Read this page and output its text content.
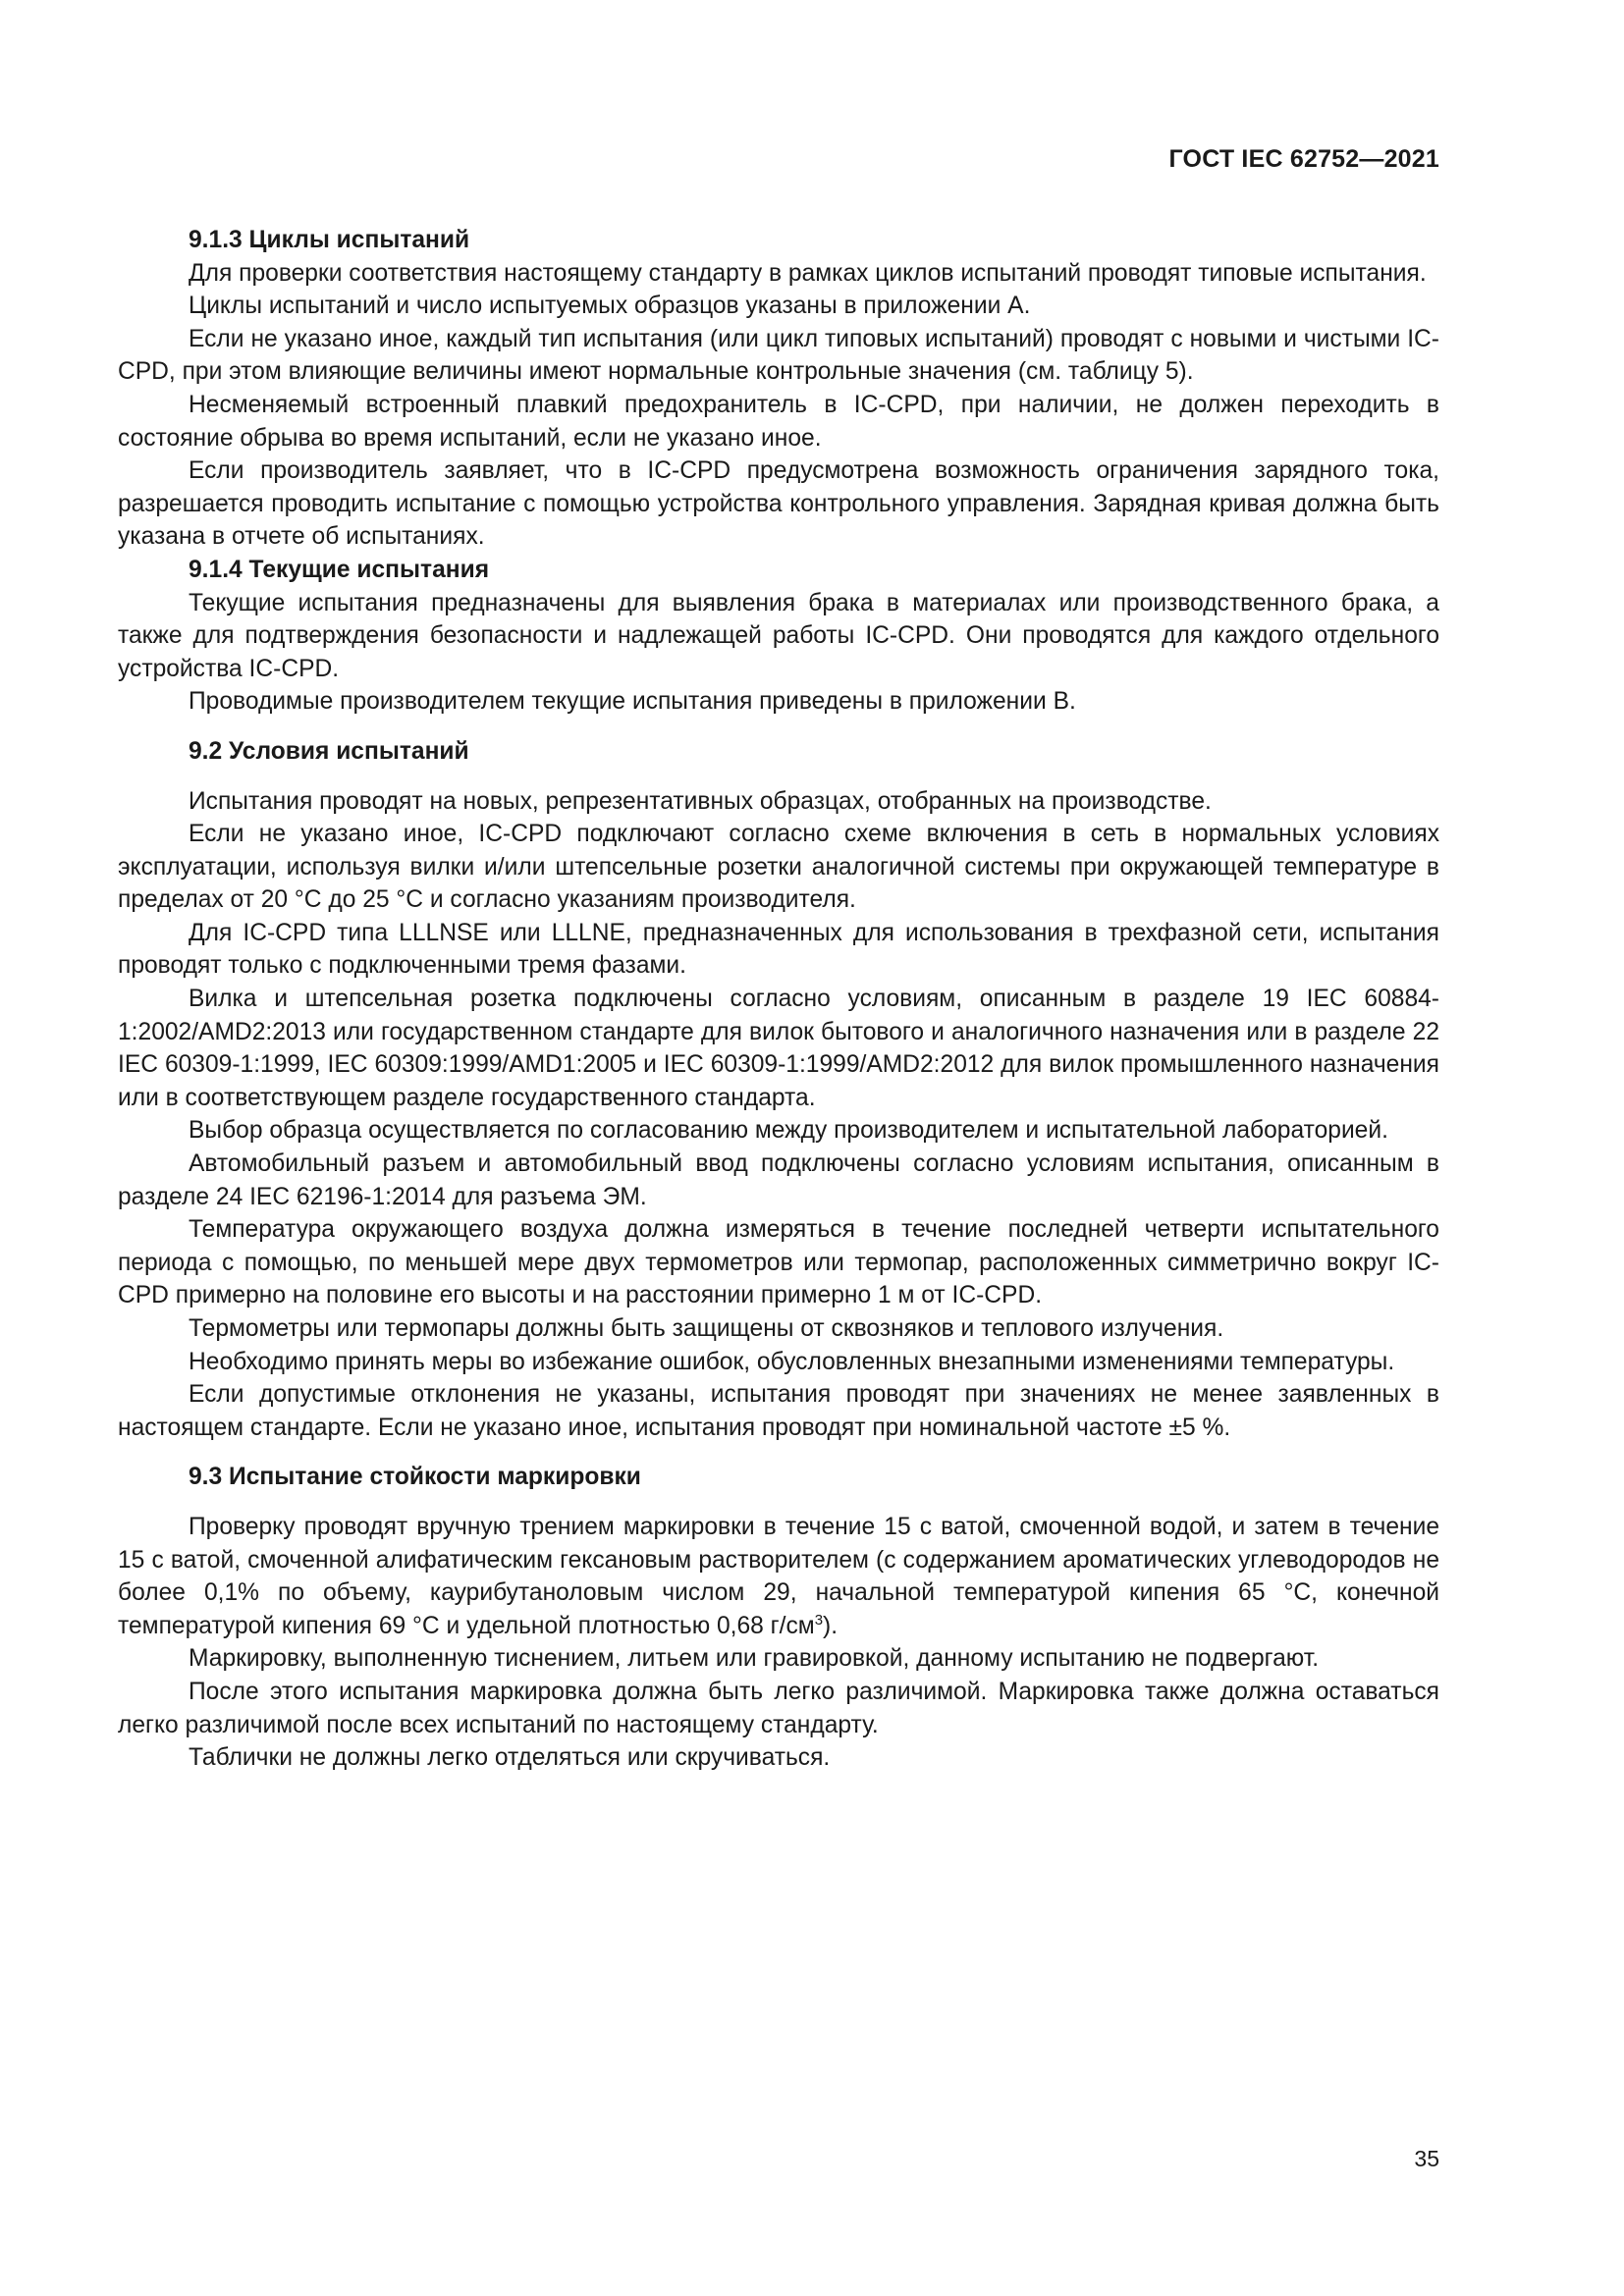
ГОСТ IEC 62752—2021

9.1.3 Циклы испытаний

Для проверки соответствия настоящему стандарту в рамках циклов испытаний проводят типовые испытания.

Циклы испытаний и число испытуемых образцов указаны в приложении A.

Если не указано иное, каждый тип испытания (или цикл типовых испытаний) проводят с новыми и чистыми IC-CPD, при этом влияющие величины имеют нормальные контрольные значения (см. таблицу 5).

Несменяемый встроенный плавкий предохранитель в IC-CPD, при наличии, не должен переходить в состояние обрыва во время испытаний, если не указано иное.

Если производитель заявляет, что в IC-CPD предусмотрена возможность ограничения зарядного тока, разрешается проводить испытание с помощью устройства контрольного управления. Зарядная кривая должна быть указана в отчете об испытаниях.

9.1.4 Текущие испытания

Текущие испытания предназначены для выявления брака в материалах или производственного брака, а также для подтверждения безопасности и надлежащей работы IC-CPD. Они проводятся для каждого отдельного устройства IC-CPD.

Проводимые производителем текущие испытания приведены в приложении B.

9.2 Условия испытаний

Испытания проводят на новых, репрезентативных образцах, отобранных на производстве.

Если не указано иное, IC-CPD подключают согласно схеме включения в сеть в нормальных условиях эксплуатации, используя вилки и/или штепсельные розетки аналогичной системы при окружающей температуре в пределах от 20 °C до 25 °C и согласно указаниям производителя.

Для IC-CPD типа LLLNSE или LLLNE, предназначенных для использования в трехфазной сети, испытания проводят только с подключенными тремя фазами.

Вилка и штепсельная розетка подключены согласно условиям, описанным в разделе 19 IEC 60884-1:2002/AMD2:2013 или государственном стандарте для вилок бытового и аналогичного назначения или в разделе 22 IEC 60309-1:1999, IEC 60309:1999/AMD1:2005 и IEC 60309-1:1999/AMD2:2012 для вилок промышленного назначения или в соответствующем разделе государственного стандарта.

Выбор образца осуществляется по согласованию между производителем и испытательной лабораторией.

Автомобильный разъем и автомобильный ввод подключены согласно условиям испытания, описанным в разделе 24 IEC 62196-1:2014 для разъема ЭМ.

Температура окружающего воздуха должна измеряться в течение последней четверти испытательного периода с помощью, по меньшей мере двух термометров или термопар, расположенных симметрично вокруг IC-CPD примерно на половине его высоты и на расстоянии примерно 1 м от IC-CPD.

Термометры или термопары должны быть защищены от сквозняков и теплового излучения.

Необходимо принять меры во избежание ошибок, обусловленных внезапными изменениями температуры.

Если допустимые отклонения не указаны, испытания проводят при значениях не менее заявленных в настоящем стандарте. Если не указано иное, испытания проводят при номинальной частоте ±5 %.

9.3 Испытание стойкости маркировки

Проверку проводят вручную трением маркировки в течение 15 с ватой, смоченной водой, и затем в течение 15 с ватой, смоченной алифатическим гексановым растворителем (с содержанием ароматических углеводородов не более 0,1% по объему, каурибутаноловым числом 29, начальной температурой кипения 65 °C, конечной температурой кипения 69 °C и удельной плотностью 0,68 $г/см^3$).

Маркировку, выполненную тиснением, литьем или гравировкой, данному испытанию не подвергают.

После этого испытания маркировка должна быть легко различимой. Маркировка также должна оставаться легко различимой после всех испытаний по настоящему стандарту.

Таблички не должны легко отделяться или скручиваться.

35
